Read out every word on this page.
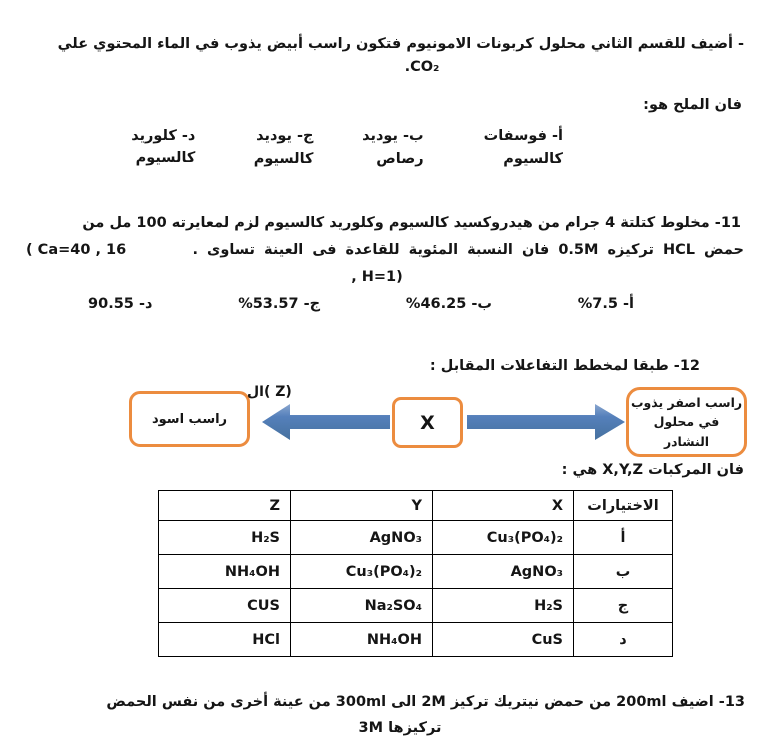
- أضيف للقسم الثاني محلول كربونات الامونيوم فتكون راسب أبيض يذوب في الماء المحتوي علي
CO₂.
فان الملح هو:
أ- فوسفات كالسيوم
ب- يوديد رصاص
ج- يوديد كالسيوم
د- كلوريد كالسيوم
11- مخلوط كتلتة 4 جرام من هيدروكسيد كالسيوم وكلوريد كالسيوم لزم لمعايرته 100 مل من
حمض HCL تركيزه 0.5M فان النسبة المئوية للقاعدة فى العينة تساوى .
( Ca=40 , 16
, H=1)
أ- 7.5%
ب- 46.25%
ج- 53.57%
د- 90.55
12- طبقا لمخطط التفاعلات المقابل :
راسب اسود
ال( Z)
X
راسب اصفر يذوب
في محلول النشادر
فان المركبات X,Y,Z هي :
الاختيارات	X	Y	Z
أ	Cu₃(PO₄)₂	AgNO₃	H₂S
ب	AgNO₃	Cu₃(PO₄)₂	NH₄OH
ج	H₂S	Na₂SO₄	CUS
د	CuS	NH₄OH	HCl
13- اضيف 200ml من حمض نيتريك تركيز 2M الى 300ml من عينة أخرى من نفس الحمض
تركيزها 3M
